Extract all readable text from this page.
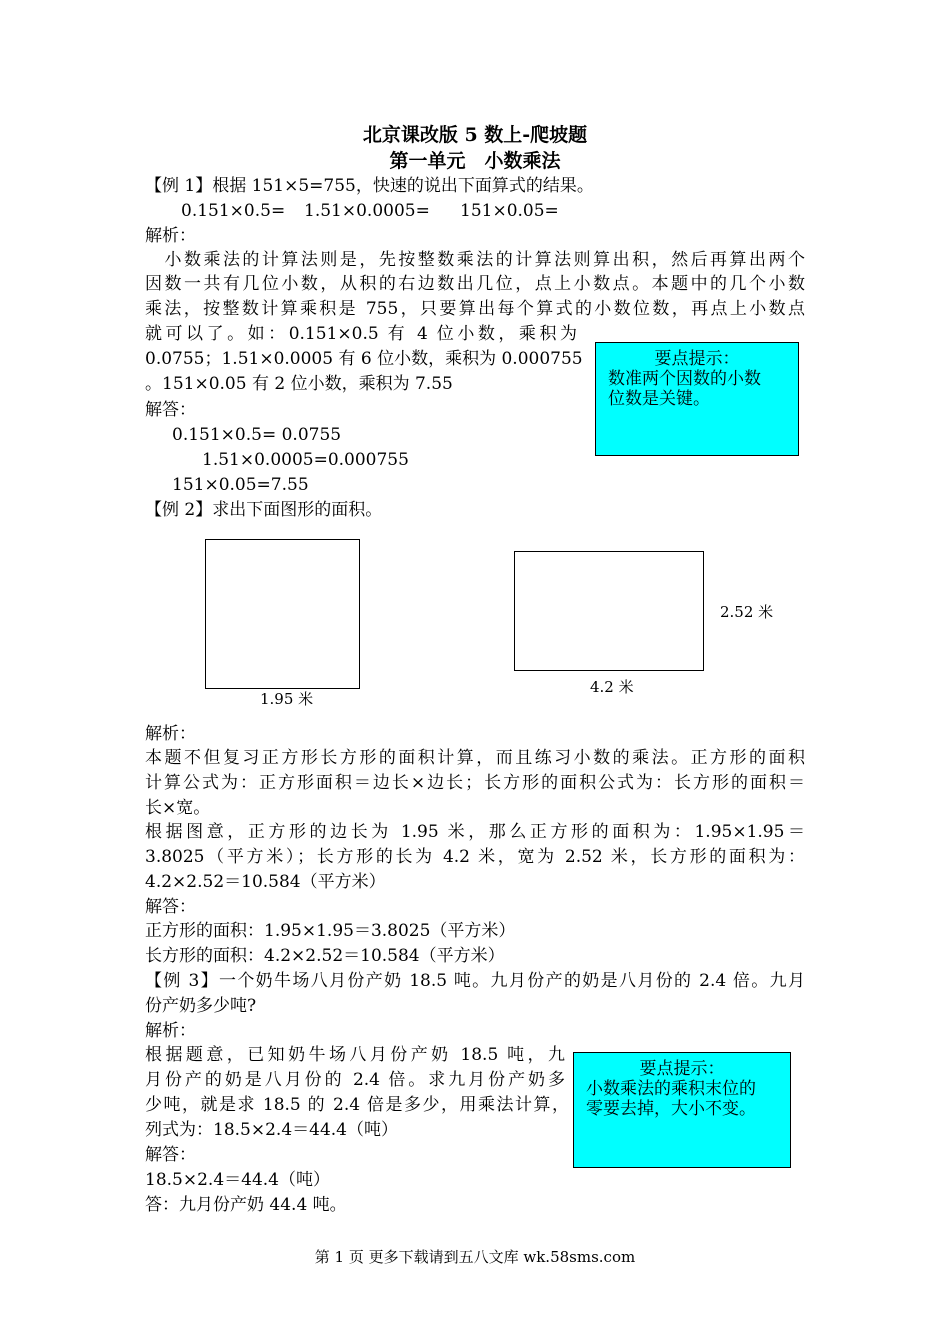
北京课改版 5 数上-爬坡题
第一单元　小数乘法
【例 1】根据 151×5=755，快速的说出下面算式的结果。
0.151×0.5= 1.51×0.0005= 151×0.05=
解析：
　小数乘法的计算法则是，先按整数乘法的计算法则算出积，然后再算出两个
因数一共有几位小数，从积的右边数出几位，点上小数点。本题中的几个小数
乘法，按整数计算乘积是 755，只要算出每个算式的小数位数，再点上小数点
就可以了。如：0.151×0.5 有 4 位小数，乘积为
0.0755；1.51×0.0005 有 6 位小数，乘积为 0.000755
。151×0.05 有 2 位小数，乘积为 7.55
要点提示：
数准两个因数的小数
位数是关键。
解答：
0.151×0.5= 0.0755
1.51×0.0005=0.000755
151×0.05=7.55
【例 2】求出下面图形的面积。
1.95 米
4.2 米
2.52 米
解析：
本题不但复习正方形长方形的面积计算，而且练习小数的乘法。正方形的面积
计算公式为：正方形面积＝边长×边长；长方形的面积公式为：长方形的面积＝
长×宽。
根据图意，正方形的边长为 1.95 米，那么正方形的面积为：1.95×1.95＝
3.8025（平方米）；长方形的长为 4.2 米，宽为 2.52 米，长方形的面积为：
4.2×2.52＝10.584（平方米）
解答：
正方形的面积：1.95×1.95＝3.8025（平方米）
长方形的面积：4.2×2.52＝10.584（平方米）
【例 3】一个奶牛场八月份产奶 18.5 吨。九月份产的奶是八月份的 2.4 倍。九月
份产奶多少吨?
解析：
根据题意，已知奶牛场八月份产奶 18.5 吨，九
月份产的奶是八月份的 2.4 倍。求九月份产奶多
少吨，就是求 18.5 的 2.4 倍是多少，用乘法计算，
列式为：18.5×2.4＝44.4（吨）
要点提示：
小数乘法的乘积末位的
零要去掉，大小不变。
解答：
18.5×2.4＝44.4（吨）
答：九月份产奶 44.4 吨。
第 1 页 更多下载请到五八文库 wk.58sms.com
